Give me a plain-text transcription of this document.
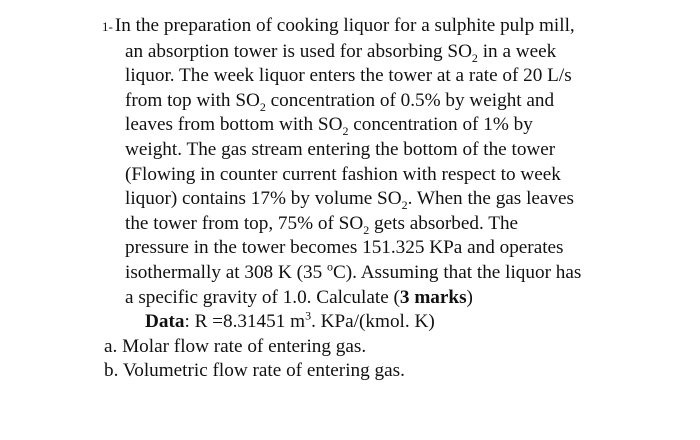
1- In the preparation of cooking liquor for a sulphite pulp mill,
an absorption tower is used for absorbing $SO_2$ in a week
liquor. The week liquor enters the tower at a rate of 20 L/s
from top with $SO_2$ concentration of 0.5% by weight and
leaves from bottom with $SO_2$ concentration of 1% by
weight. The gas stream entering the bottom of the tower
(Flowing in counter current fashion with respect to week
liquor) contains 17% by volume $SO_2$. When the gas leaves
the tower from top, 75% of $SO_2$ gets absorbed. The
pressure in the tower becomes 151.325 KPa and operates
isothermally at 308 K (35 $^o$C). Assuming that the liquor has
a specific gravity of 1.0. Calculate (3 marks)
Data: R =8.31451 $m^3$. KPa/(kmol. K)
a. Molar flow rate of entering gas.
b. Volumetric flow rate of entering gas.
